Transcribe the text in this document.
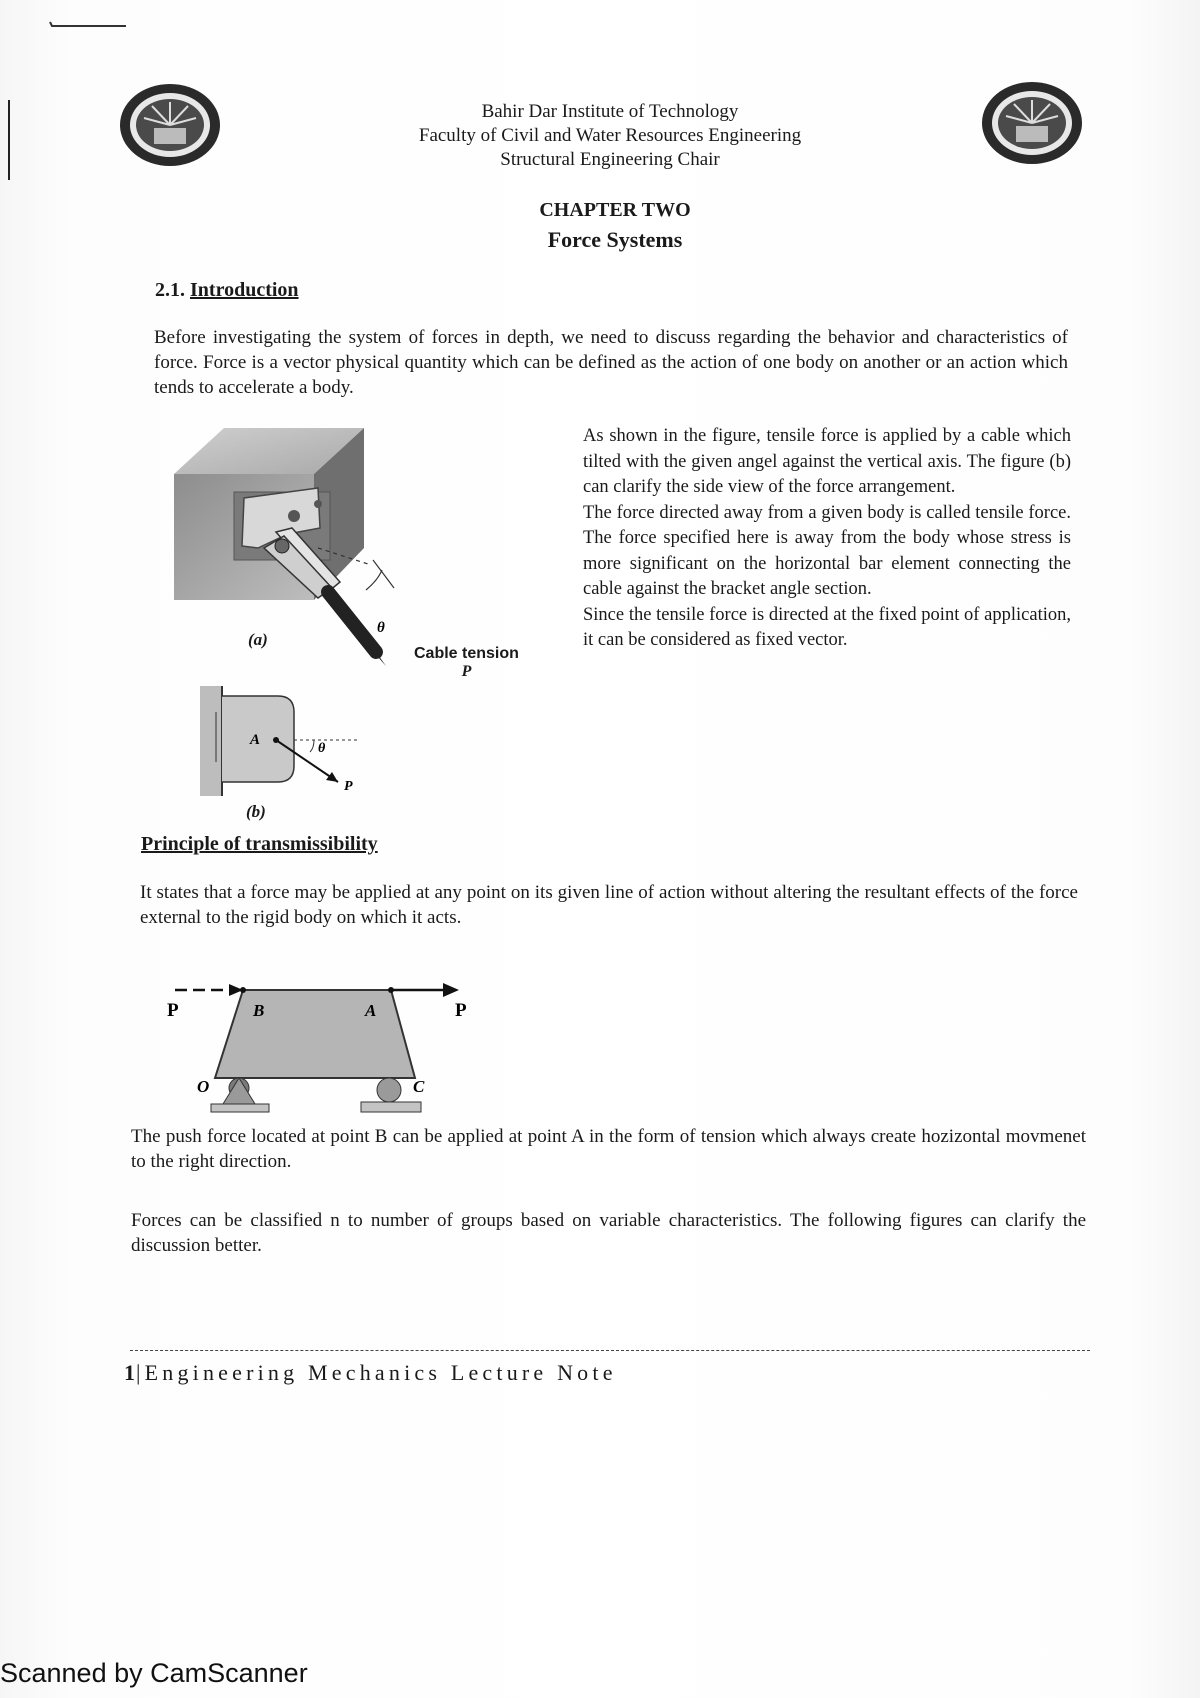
Bahir Dar Institute of Technology
Faculty of Civil and Water Resources Engineering
Structural Engineering Chair
CHAPTER TWO
Force Systems
2.1. Introduction
Before investigating the system of forces in depth, we need to discuss regarding the behavior and characteristics of force. Force is a vector physical quantity which can be defined as the action of one body on another or an action which tends to accelerate a body.
θ
(a)
Cable tension
P
A
θ
P
(b)

As shown in the figure, tensile force is applied by a cable which tilted with the given angel against the vertical axis. The figure (b) can clarify the side view of the force arrangement.

The force directed away from a given body is called tensile force. The force specified here is away from the body whose stress is more significant on the horizontal bar element connecting the cable against the bracket angle section.

Since the tensile force is directed at the fixed point of application, it can be considered as fixed vector.

Principle of transmissibility
It states that a force may be applied at any point on its given line of action without altering the resultant effects of the force external to the rigid body on which it acts.
P	P
B	A
O	C
The push force located at point B can be applied at point A in the form of tension which always create hozizontal movmenet to the right direction.
Forces can be classified n to number of groups based on variable characteristics. The following figures can clarify the discussion better.
1|Engineering Mechanics Lecture Note
Scanned by CamScanner
